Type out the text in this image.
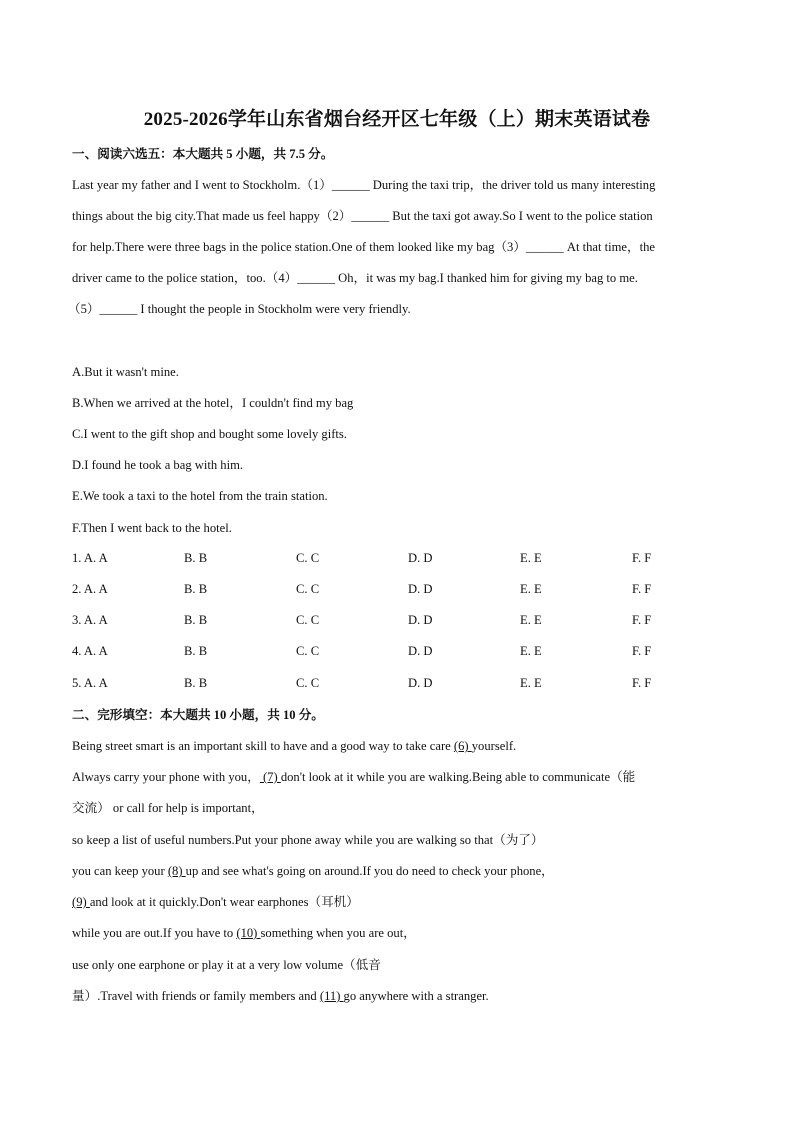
2025-2026学年山东省烟台经开区七年级（上）期末英语试卷
一、阅读六选五：本大题共 5 小题，共 7.5 分。
Last year my father and I went to Stockholm.（1）______ During the taxi trip，the driver told us many interesting
things about the big city.That made us feel happy（2）______ But the taxi got away.So I went to the police station
for help.There were three bags in the police station.One of them looked like my bag（3）______ At that time，the
driver came to the police station，too.（4）______ Oh，it was my bag.I thanked him for giving my bag to me.
（5）______ I thought the people in Stockholm were very friendly.
A.But it wasn't mine.
B.When we arrived at the hotel，I couldn't find my bag
C.I went to the gift shop and bought some lovely gifts.
D.I found he took a bag with him.
E.We took a taxi to the hotel from the train station.
F.Then I went back to the hotel.
1. A. A	B. B	C. C	D. D	E. E	F. F
2. A. A	B. B	C. C	D. D	E. E	F. F
3. A. A	B. B	C. C	D. D	E. E	F. F
4. A. A	B. B	C. C	D. D	E. E	F. F
5. A. A	B. B	C. C	D. D	E. E	F. F
二、完形填空：本大题共 10 小题，共 10 分。
Being street smart is an important skill to have and a good way to take care (6) yourself.
Always carry your phone with you， (7) don't look at it while you are walking.Being able to communicate（能
交流） or call for help is important，
so keep a list of useful numbers.Put your phone away while you are walking so that（为了）
you can keep your (8) up and see what's going on around.If you do need to check your phone，
(9) and look at it quickly.Don't wear earphones（耳机）
while you are out.If you have to (10) something when you are out，
use only one earphone or play it at a very low volume（低音
量）.Travel with friends or family members and (11) go anywhere with a stranger.
